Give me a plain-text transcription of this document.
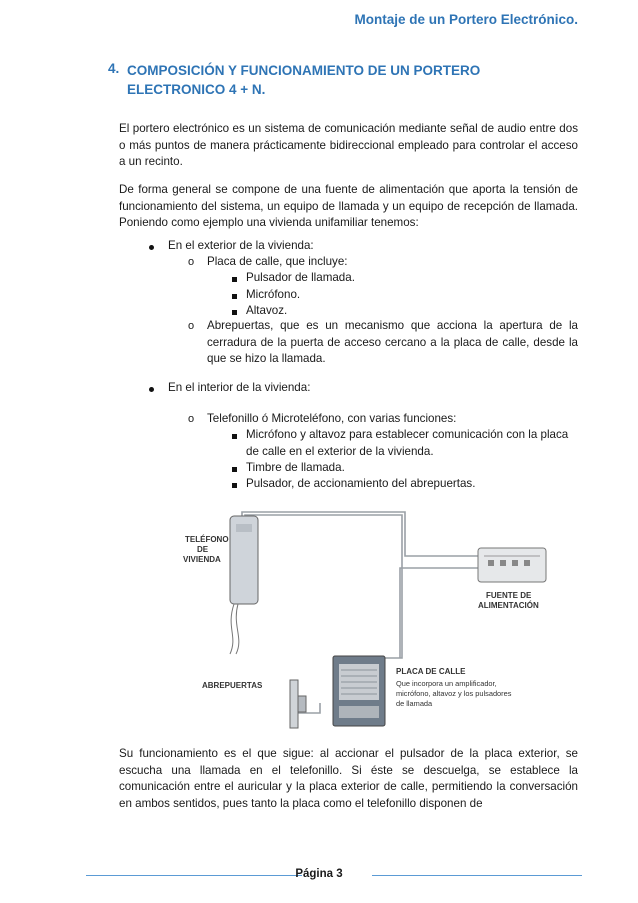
Montaje de un Portero Electrónico.
4. COMPOSICIÓN Y FUNCIONAMIENTO DE UN PORTERO
ELECTRONICO 4 + N.
El portero electrónico es un sistema de comunicación mediante señal de audio entre dos o más puntos de manera prácticamente bidireccional empleado para controlar el acceso a un recinto.
De forma general se compone de una fuente de alimentación que aporta la tensión de funcionamiento del sistema, un equipo de llamada y un equipo de recepción de llamada. Poniendo como ejemplo una vivienda unifamiliar tenemos:
En el exterior de la vivienda:
o Placa de calle, que incluye:
Pulsador de llamada.
Micrófono.
Altavoz.
o Abrepuertas, que es un mecanismo que acciona la apertura de la cerradura de la puerta de acceso cercano a la placa de calle, desde la que se hizo la llamada.
En el interior de la vivienda:
o Telefonillo ó Microteléfono, con varias funciones:
Micrófono y altavoz para establecer comunicación con la placa de calle en el exterior de la vivienda.
Timbre de llamada.
Pulsador, de accionamiento del abrepuertas.
TELÉFONO
DE
VIVIENDA
FUENTE DE
ALIMENTACIÓN
ABREPUERTAS
PLACA DE CALLE
Que incorpora un amplificador,
micrófono, altavoz y los pulsadores
de llamada
Su funcionamiento es el que sigue: al accionar el pulsador de la placa exterior, se escucha una llamada en el telefonillo. Si éste se descuelga, se establece la comunicación entre el auricular y la placa exterior de calle, permitiendo la conversación en ambos sentidos, pues tanto la placa como el telefonillo disponen de
Página 3
